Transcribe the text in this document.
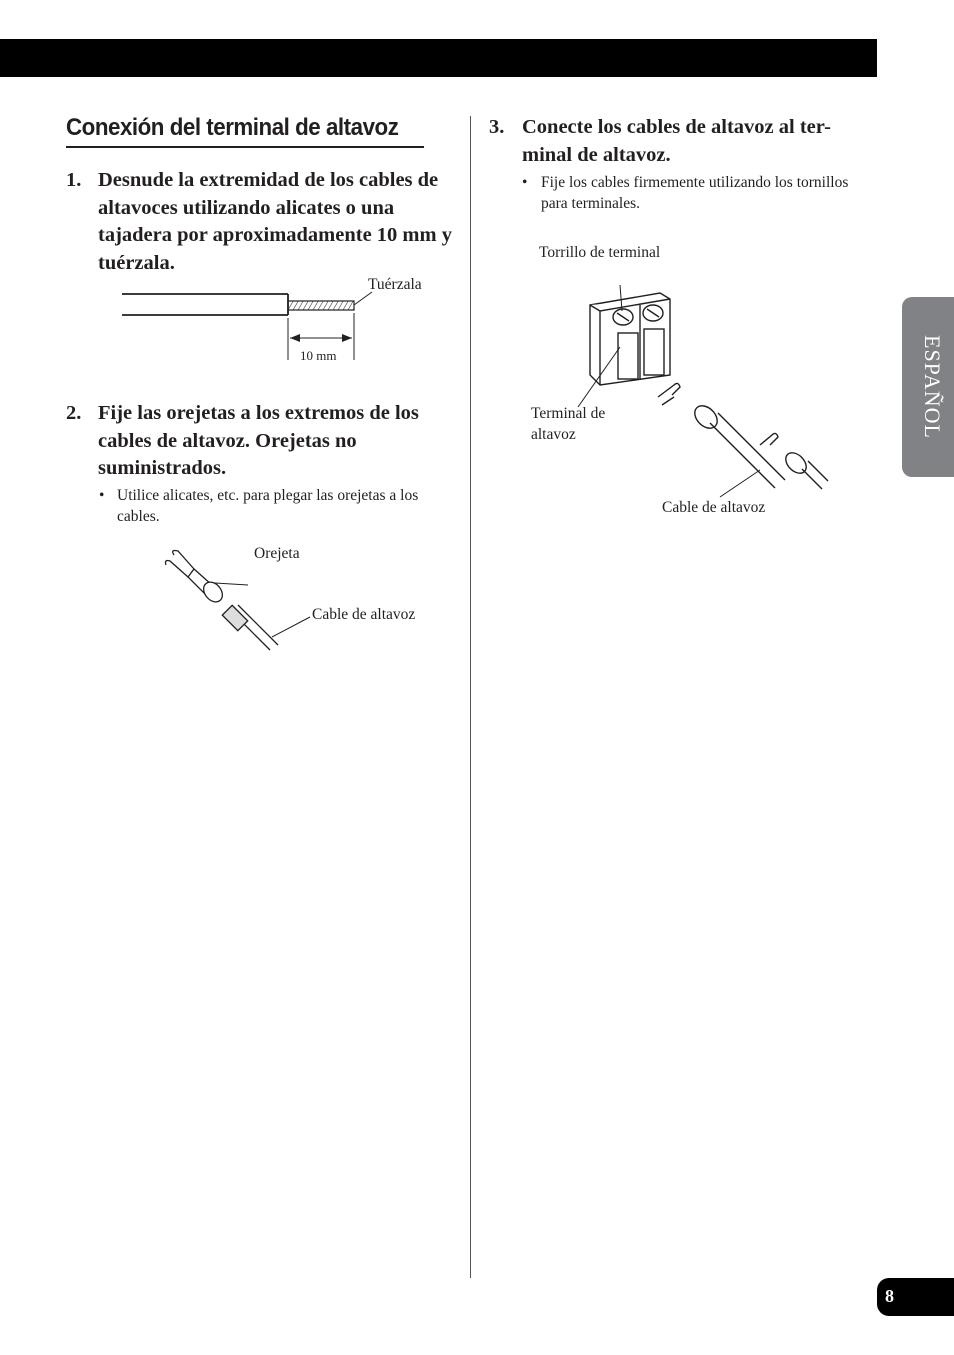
Conexión del terminal de altavoz
1. Desnude la extremidad de los cables de altavoces utilizando alicates o una tajadera por aproximadamente 10 mm y tuérzala.
Tuérzala
10 mm
2. Fije las orejetas a los extremos de los cables de altavoz. Orejetas no suministrados.
• Utilice alicates, etc. para plegar las orejetas a los cables.
Orejeta
Cable de altavoz
3. Conecte los cables de altavoz al ter-minal de altavoz.
• Fije los cables firmemente utilizando los tornillos para terminales.
Torrillo de terminal
Terminal de
altavoz
Cable de altavoz
ESPAÑOL
8
